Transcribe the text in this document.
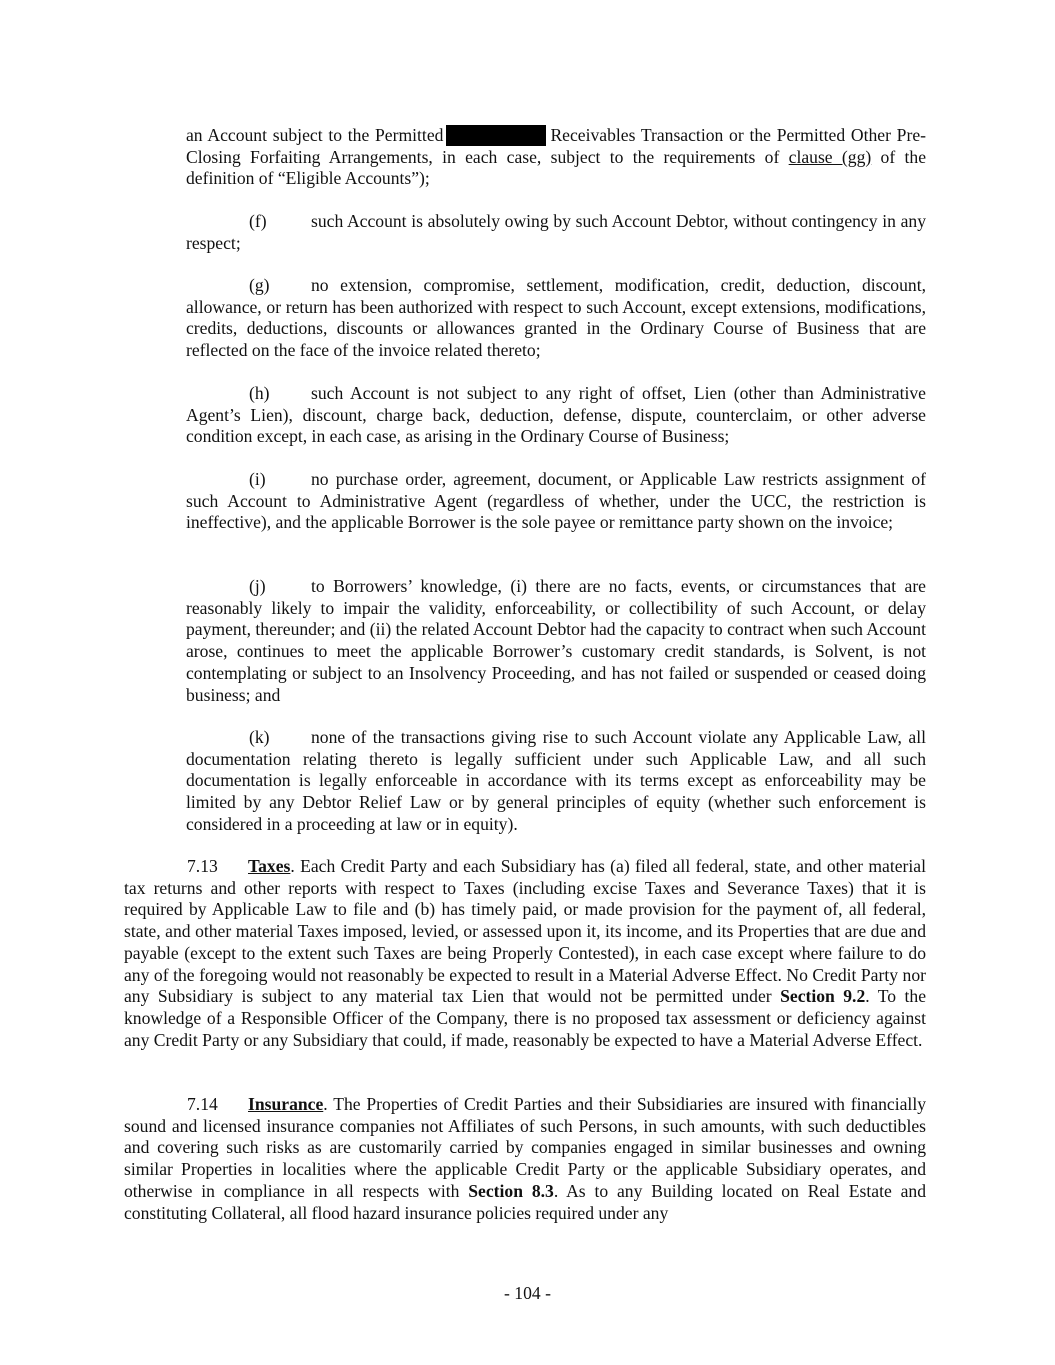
an Account subject to the Permitted	Receivables Transaction or the Permitted Other Pre-Closing Forfaiting Arrangements, in each case, subject to the requirements of clause (gg) of the definition of “Eligible Accounts”);

(f)	such Account is absolutely owing by such Account Debtor, without contingency in any respect;

(g) no extension, compromise, settlement, modification, credit, deduction, discount, allowance, or return has been authorized with respect to such Account, except extensions, modifications, credits, deductions, discounts or allowances granted in the Ordinary Course of Business that are reflected on the face of the invoice related thereto;

(h) such Account is not subject to any right of offset, Lien (other than Administrative Agent’s Lien), discount, charge back, deduction, defense, dispute, counterclaim, or other adverse condition except, in each case, as arising in the Ordinary Course of Business;

(i)	no purchase order, agreement, document, or Applicable Law restricts assignment of such Account to Administrative Agent (regardless of whether, under the UCC, the restriction is ineffective), and the applicable Borrower is the sole payee or remittance party shown on the invoice;

(j)	to Borrowers’ knowledge, (i) there are no facts, events, or circumstances that are reasonably likely to impair the validity, enforceability, or collectibility of such Account, or delay payment, thereunder; and (ii) the related Account Debtor had the capacity to contract when such Account arose, continues to meet the applicable Borrower’s customary credit standards, is Solvent, is not contemplating or subject to an Insolvency Proceeding, and has not failed or suspended or ceased doing business; and

(k) none of the transactions giving rise to such Account violate any Applicable Law, all documentation relating thereto is legally sufficient under such Applicable Law, and all such documentation is legally enforceable in accordance with its terms except as enforceability may be limited by any Debtor Relief Law or by general principles of equity (whether such enforcement is considered in a proceeding at law or in equity).

7.13 Taxes. Each Credit Party and each Subsidiary has (a) filed all federal, state, and other material tax returns and other reports with respect to Taxes (including excise Taxes and Severance Taxes) that it is required by Applicable Law to file and (b) has timely paid, or made provision for the payment of, all federal, state, and other material Taxes imposed, levied, or assessed upon it, its income, and its Properties that are due and payable (except to the extent such Taxes are being Properly Contested), in each case except where failure to do any of the foregoing would not reasonably be expected to result in a Material Adverse Effect. No Credit Party nor any Subsidiary is subject to any material tax Lien that would not be permitted under Section 9.2. To the knowledge of a Responsible Officer of the Company, there is no proposed tax assessment or deficiency against any Credit Party or any Subsidiary that could, if made, reasonably be expected to have a Material Adverse Effect.

7.14 Insurance. The Properties of Credit Parties and their Subsidiaries are insured with financially sound and licensed insurance companies not Affiliates of such Persons, in such amounts, with such deductibles and covering such risks as are customarily carried by companies engaged in similar businesses and owning similar Properties in localities where the applicable Credit Party or the applicable Subsidiary operates, and otherwise in compliance in all respects with Section 8.3. As to any Building located on Real Estate and constituting Collateral, all flood hazard insurance policies required under any

- 104 -
